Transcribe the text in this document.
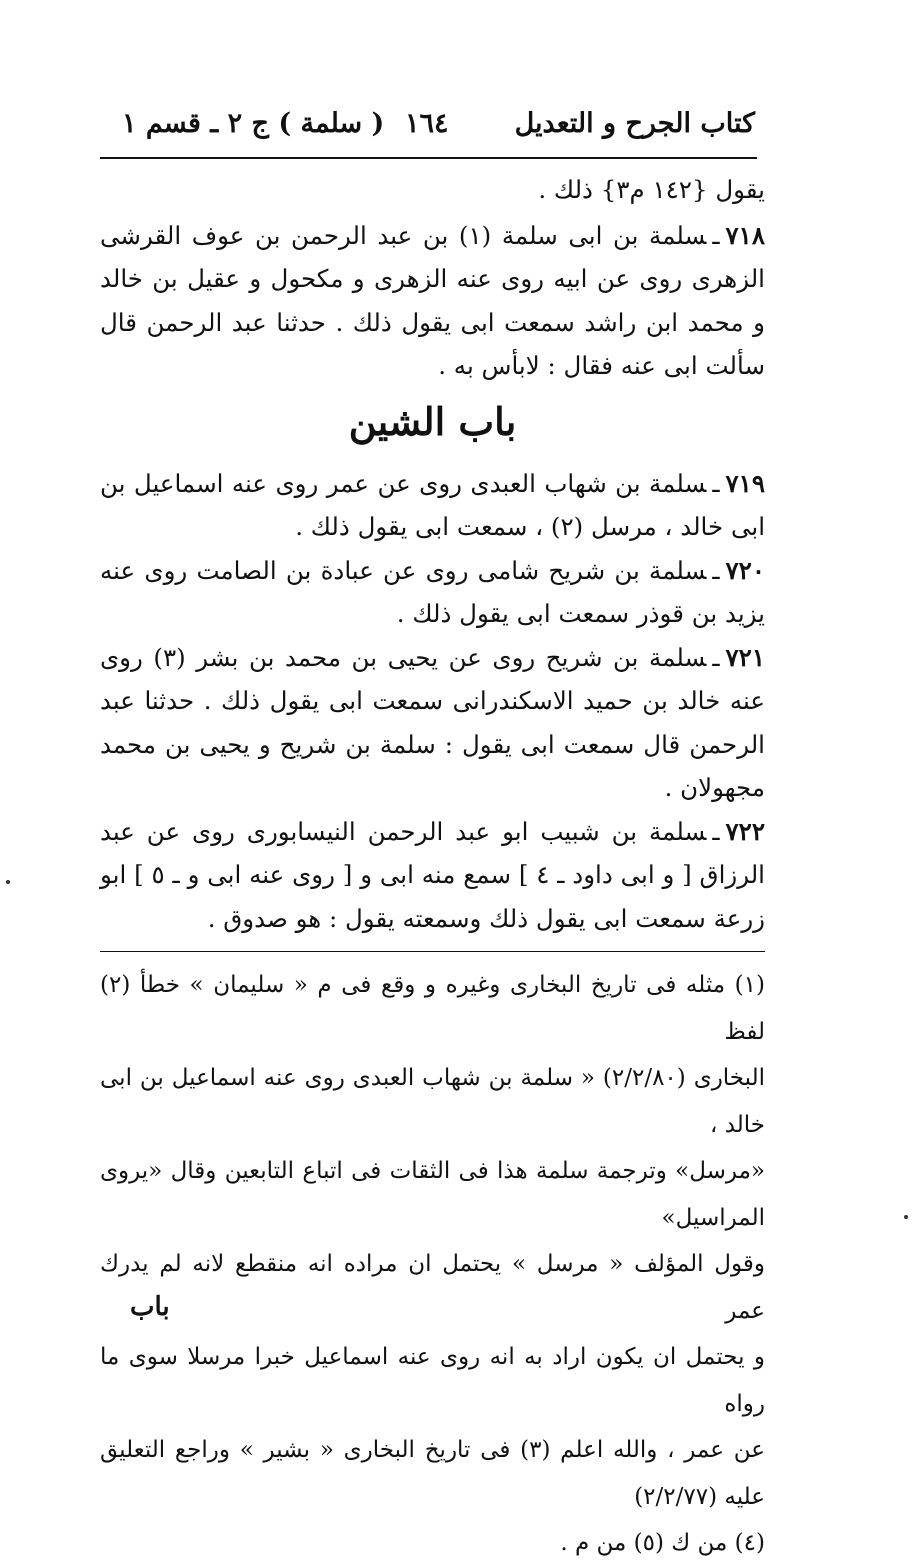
كتاب الجرح و التعديل
١٦٤
( سلمة ) ج ٢ ـ قسم ١

يقول {١٤٢ م٣} ذلك .

٧١٨ـسلمة بن ابى سلمة (١) بن عبد الرحمن بن عوف القرشى الزهرى روى عن ابيه روى عنه الزهرى و مكحول و عقيل بن خالد و محمد ابن راشد سمعت ابى يقول ذلك . حدثنا عبد الرحمن قال سألت ابى عنه فقال : لابأس به .

باب الشين

٧١٩ـسلمة بن شهاب العبدى روى عن عمر روى عنه اسماعيل بن ابى خالد ، مرسل (٢) ، سمعت ابى يقول ذلك .

٧٢٠ـسلمة بن شريح شامى روى عن عبادة بن الصامت روى عنه يزيد بن قوذر سمعت ابى يقول ذلك .

٧٢١ـسلمة بن شريح روى عن يحيى بن محمد بن بشر (٣) روى عنه خالد بن حميد الاسكندرانى سمعت ابى يقول ذلك . حدثنا عبد الرحمن قال سمعت ابى يقول : سلمة بن شريح و يحيى بن محمد مجهولان .

٧٢٢ـسلمة بن شبيب ابو عبد الرحمن النيسابورى روى عن عبد الرزاق [ و ابى داود ـ ٤ ] سمع منه ابى و [ روى عنه ابى و ـ ٥ ] ابو زرعة سمعت ابى يقول ذلك وسمعته يقول : هو صدوق .

(١) مثله فى تاريخ البخارى وغيره و وقع فى م « سليمان » خطأ (٢) لفظ

البخارى (٢/٢/٨٠) « سلمة بن شهاب العبدى روى عنه اسماعيل بن ابى خالد ،

«مرسل» وترجمة سلمة هذا فى الثقات فى اتباع التابعين وقال «يروى المراسيل»

وقول المؤلف « مرسل » يحتمل ان مراده انه منقطع لانه لم يدرك عمر

و يحتمل ان يكون اراد به انه روى عنه اسماعيل خبرا مرسلا سوى ما رواه

عن عمر ، والله اعلم (٣) فى تاريخ البخارى « بشير » وراجع التعليق عليه (٢/٢/٧٧)

(٤) من ك (٥) من م .

باب
